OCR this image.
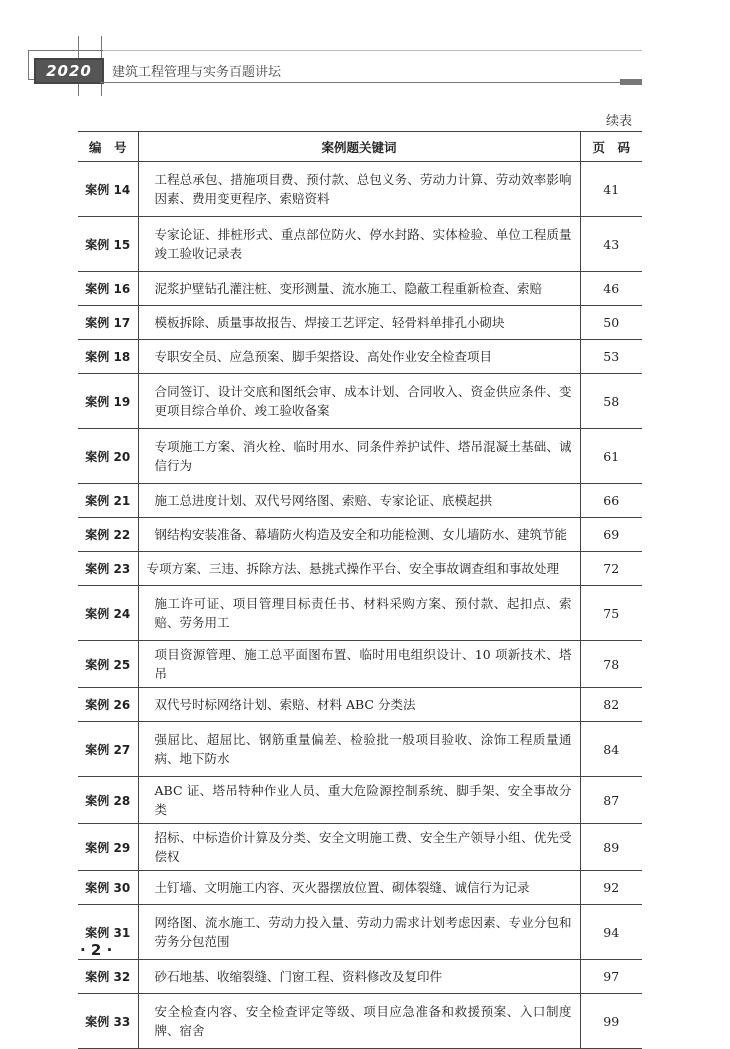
2020	建筑工程管理与实务百题讲坛
续表
编　号	案例题关键词	页　码
案例 14	工程总承包、措施项目费、预付款、总包义务、劳动力计算、劳动效率影响因素、费用变更程序、索赔资料	41
案例 15	专家论证、排桩形式、重点部位防火、停水封路、实体检验、单位工程质量竣工验收记录表	43
案例 16	泥浆护壁钻孔灌注桩、变形测量、流水施工、隐蔽工程重新检查、索赔	46
案例 17	模板拆除、质量事故报告、焊接工艺评定、轻骨料单排孔小砌块	50
案例 18	专职安全员、应急预案、脚手架搭设、高处作业安全检查项目	53
案例 19	合同签订、设计交底和图纸会审、成本计划、合同收入、资金供应条件、变更项目综合单价、竣工验收备案	58
案例 20	专项施工方案、消火栓、临时用水、同条件养护试件、塔吊混凝土基础、诚信行为	61
案例 21	施工总进度计划、双代号网络图、索赔、专家论证、底模起拱	66
案例 22	钢结构安装准备、幕墙防火构造及安全和功能检测、女儿墙防水、建筑节能	69
案例 23	专项方案、三违、拆除方法、悬挑式操作平台、安全事故调查组和事故处理	72
案例 24	施工许可证、项目管理目标责任书、材料采购方案、预付款、起扣点、索赔、劳务用工	75
案例 25	项目资源管理、施工总平面图布置、临时用电组织设计、10 项新技术、塔吊	78
案例 26	双代号时标网络计划、索赔、材料 ABC 分类法	82
案例 27	强屈比、超屈比、钢筋重量偏差、检验批一般项目验收、涂饰工程质量通病、地下防水	84
案例 28	ABC 证、塔吊特种作业人员、重大危险源控制系统、脚手架、安全事故分类	87
案例 29	招标、中标造价计算及分类、安全文明施工费、安全生产领导小组、优先受偿权	89
案例 30	土钉墙、文明施工内容、灭火器摆放位置、砌体裂缝、诚信行为记录	92
案例 31	网络图、流水施工、劳动力投入量、劳动力需求计划考虑因素、专业分包和劳务分包范围	94
案例 32	砂石地基、收缩裂缝、门窗工程、资料修改及复印件	97
案例 33	安全检查内容、安全检查评定等级、项目应急准备和救援预案、入口制度牌、宿舍	99
· 2 ·
